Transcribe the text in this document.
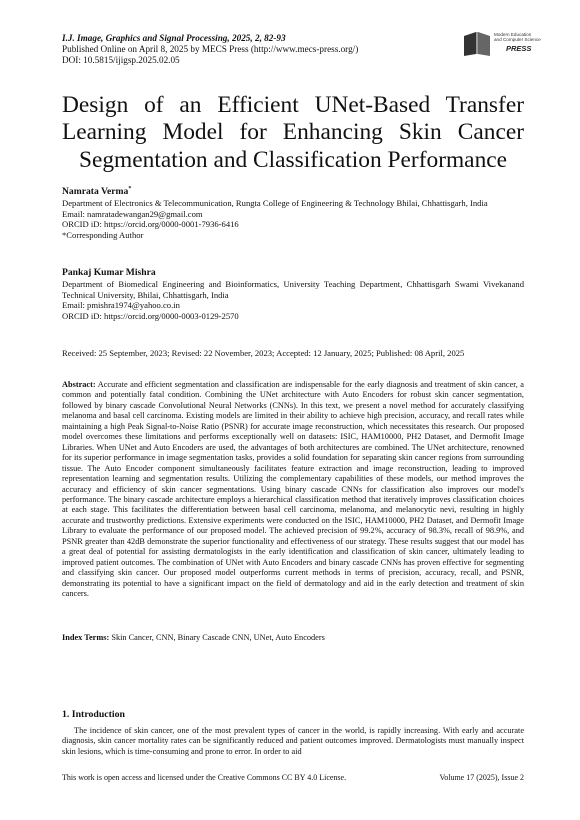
I.J. Image, Graphics and Signal Processing, 2025, 2, 82-93
Published Online on April 8, 2025 by MECS Press (http://www.mecs-press.org/)
DOI: 10.5815/ijigsp.2025.02.05
Modern Education
and Computer Science
PRESS
Design of an Efficient UNet-Based Transfer Learning Model for Enhancing Skin Cancer Segmentation and Classification Performance
Namrata Verma*
Department of Electronics & Telecommunication, Rungta College of Engineering & Technology Bhilai, Chhattisgarh, India
Email: namratadewangan29@gmail.com
ORCID iD: https://orcid.org/0000-0001-7936-6416
*Corresponding Author
Pankaj Kumar Mishra
Department of Biomedical Engineering and Bioinformatics, University Teaching Department, Chhattisgarh Swami Vivekanand Technical University, Bhilai, Chhattisgarh, India
Email: pmishra1974@yahoo.co.in
ORCID iD: https://orcid.org/0000-0003-0129-2570
Received: 25 September, 2023; Revised: 22 November, 2023; Accepted: 12 January, 2025; Published: 08 April, 2025
Abstract: Accurate and efficient segmentation and classification are indispensable for the early diagnosis and treatment of skin cancer, a common and potentially fatal condition. Combining the UNet architecture with Auto Encoders for robust skin cancer segmentation, followed by binary cascade Convolutional Neural Networks (CNNs). In this text, we present a novel method for accurately classifying melanoma and basal cell carcinoma. Existing models are limited in their ability to achieve high precision, accuracy, and recall rates while maintaining a high Peak Signal-to-Noise Ratio (PSNR) for accurate image reconstruction, which necessitates this research. Our proposed model overcomes these limitations and performs exceptionally well on datasets: ISIC, HAM10000, PH2 Dataset, and Dermofit Image Libraries. When UNet and Auto Encoders are used, the advantages of both architectures are combined. The UNet architecture, renowned for its superior performance in image segmentation tasks, provides a solid foundation for separating skin cancer regions from surrounding tissue. The Auto Encoder component simultaneously facilitates feature extraction and image reconstruction, leading to improved representation learning and segmentation results. Utilizing the complementary capabilities of these models, our method improves the accuracy and efficiency of skin cancer segmentations. Using binary cascade CNNs for classification also improves our model's performance. The binary cascade architecture employs a hierarchical classification method that iteratively improves classification choices at each stage. This facilitates the differentiation between basal cell carcinoma, melanoma, and melanocytic nevi, resulting in highly accurate and trustworthy predictions. Extensive experiments were conducted on the ISIC, HAM10000, PH2 Dataset, and Dermofit Image Library to evaluate the performance of our proposed model. The achieved precision of 99.2%, accuracy of 98.3%, recall of 98.9%, and PSNR greater than 42dB demonstrate the superior functionality and effectiveness of our strategy. These results suggest that our model has a great deal of potential for assisting dermatologists in the early identification and classification of skin cancer, ultimately leading to improved patient outcomes. The combination of UNet with Auto Encoders and binary cascade CNNs has proven effective for segmenting and classifying skin cancer. Our proposed model outperforms current methods in terms of precision, accuracy, recall, and PSNR, demonstrating its potential to have a significant impact on the field of dermatology and aid in the early detection and treatment of skin cancers.
Index Terms: Skin Cancer, CNN, Binary Cascade CNN, UNet, Auto Encoders
1. Introduction
The incidence of skin cancer, one of the most prevalent types of cancer in the world, is rapidly increasing. With early and accurate diagnosis, skin cancer mortality rates can be significantly reduced and patient outcomes improved. Dermatologists must manually inspect skin lesions, which is time-consuming and prone to error. In order to aid
This work is open access and licensed under the Creative Commons CC BY 4.0 License.	Volume 17 (2025), Issue 2
